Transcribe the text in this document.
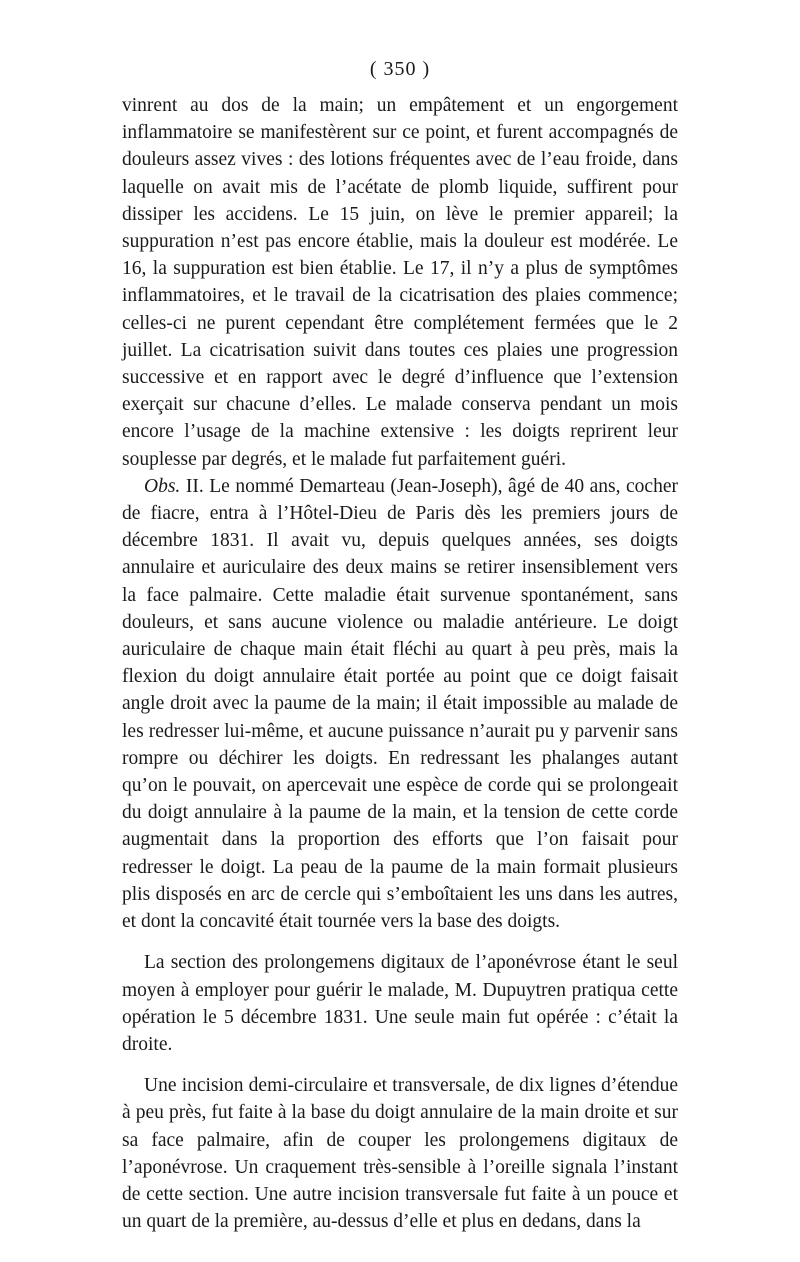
( 350 )

vinrent au dos de la main; un empâtement et un engorgement inflammatoire se manifestèrent sur ce point, et furent accompagnés de douleurs assez vives : des lotions fréquentes avec de l’eau froide, dans laquelle on avait mis de l’acétate de plomb liquide, suffirent pour dissiper les accidens. Le 15 juin, on lève le premier appareil; la suppuration n’est pas encore établie, mais la douleur est modérée. Le 16, la suppuration est bien établie. Le 17, il n’y a plus de symptômes inflammatoires, et le travail de la cicatrisation des plaies commence; celles-ci ne purent cependant être complétement fermées que le 2 juillet. La cicatrisation suivit dans toutes ces plaies une progression successive et en rapport avec le degré d’influence que l’extension exerçait sur chacune d’elles. Le malade conserva pendant un mois encore l’usage de la machine extensive : les doigts reprirent leur souplesse par degrés, et le malade fut parfaitement guéri.

Obs. II. Le nommé Demarteau (Jean-Joseph), âgé de 40 ans, cocher de fiacre, entra à l’Hôtel-Dieu de Paris dès les premiers jours de décembre 1831. Il avait vu, depuis quelques années, ses doigts annulaire et auriculaire des deux mains se retirer insensiblement vers la face palmaire. Cette maladie était survenue spontanément, sans douleurs, et sans aucune violence ou maladie antérieure. Le doigt auriculaire de chaque main était fléchi au quart à peu près, mais la flexion du doigt annulaire était portée au point que ce doigt faisait angle droit avec la paume de la main; il était impossible au malade de les redresser lui-même, et aucune puissance n’aurait pu y parvenir sans rompre ou déchirer les doigts. En redressant les phalanges autant qu’on le pouvait, on apercevait une espèce de corde qui se prolongeait du doigt annulaire à la paume de la main, et la tension de cette corde augmentait dans la proportion des efforts que l’on faisait pour redresser le doigt. La peau de la paume de la main formait plusieurs plis disposés en arc de cercle qui s’emboîtaient les uns dans les autres, et dont la concavité était tournée vers la base des doigts.

La section des prolongemens digitaux de l’aponévrose étant le seul moyen à employer pour guérir le malade, M. Dupuytren pratiqua cette opération le 5 décembre 1831. Une seule main fut opérée : c’était la droite.

Une incision demi-circulaire et transversale, de dix lignes d’étendue à peu près, fut faite à la base du doigt annulaire de la main droite et sur sa face palmaire, afin de couper les prolongemens digitaux de l’aponévrose. Un craquement très-sensible à l’oreille signala l’instant de cette section. Une autre incision transversale fut faite à un pouce et un quart de la première, au-dessus d’elle et plus en dedans, dans la
